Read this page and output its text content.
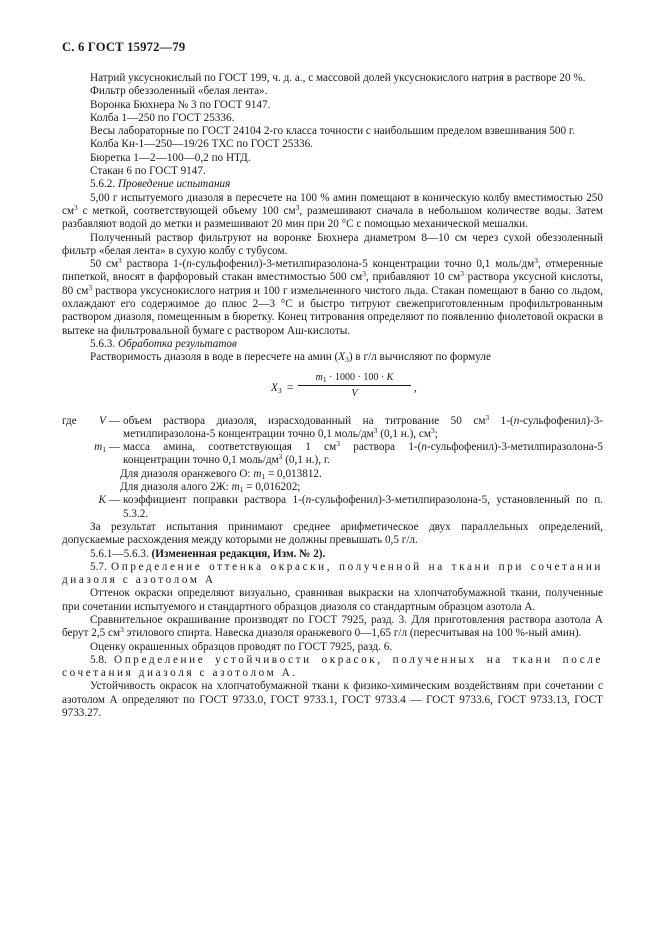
С. 6 ГОСТ 15972—79

Натрий уксуснокислый по ГОСТ 199, ч. д. а., с массовой долей уксуснокислого натрия в растворе 20 %.

Фильтр обеззоленный «белая лента».

Воронка Бюхнера № 3 по ГОСТ 9147.

Колба 1—250 по ГОСТ 25336.

Весы лабораторные по ГОСТ 24104 2-го класса точности с наибольшим пределом взвешивания 500 г.

Колба Кн-1—250—19/26 ТХС по ГОСТ 25336.

Бюретка 1—2—100—0,2 по НТД.

Стакан 6 по ГОСТ 9147.

5.6.2. Проведение испытания

5,00 г испытуемого диазоля в пересчете на 100 % амин помещают в коническую колбу вместимостью 250 $см^3$ с меткой, соответствующей объему 100 $см^3$, размешивают сначала в небольшом количестве воды. Затем разбавляют водой до метки и размешивают 20 мин при 20 °С с помощью механической мешалки.

Полученный раствор фильтруют на воронке Бюхнера диаметром 8—10 см через сухой обеззоленный фильтр «белая лента» в сухую колбу с тубусом.

50 $см^3$ раствора 1-(п-сульфофенил)-3-метилпиразолона-5 концентрации точно 0,1 моль/$дм^3$, отмеренные пипеткой, вносят в фарфоровый стакан вместимостью 500 $см^3$, прибавляют 10 $см^3$ раствора уксусной кислоты, 80 $см^3$ раствора уксуснокислого натрия и 100 г измельченного чистого льда. Стакан помещают в баню со льдом, охлаждают его содержимое до плюс 2—3 °С и быстро титруют свежеприготовленным профильтрованным раствором диазоля, помещенным в бюретку. Конец титрования определяют по появлению фиолетовой окраски в вытеке на фильтровальной бумаге с раствором Аш-кислоты.

5.6.3. Обработка результатов

Растворимость диазоля в воде в пересчете на амин $(X_3)$ в г/л вычисляют по формуле

$X_3 = \frac{m_1 \cdot 1000 \cdot 100 \cdot K}{V}$ ,
где	V — объем раствора диазоля, израсходованный на титрование 50 $см^3$ 1-(п-сульфофенил)-3-метилпиразолона-5 концентрации точно 0,1 моль/$дм^3$ (0,1 н.), $см^3$;
$m_1$ — масса амина, соответствующая 1 $см^3$ раствора 1-(п-сульфофенил)-3-метилпиразолона-5 концентрации точно 0,1 моль/$дм^3$ (0,1 н.), г.
Для диазоля оранжевого О: $m_1 = 0,013812$.
Для диазоля алого 2Ж: $m_1 = 0,016202$;
K — коэффициент поправки раствора 1-(п-сульфофенил)-3-метилпиразолона-5, установленный по п. 5.3.2.

За результат испытания принимают среднее арифметическое двух параллельных определений, допускаемые расхождения между которыми не должны превышать 0,5 г/л.

5.6.1—5.6.3. (Измененная редакция, Изм. № 2).

5.7. Определение оттенка окраски, полученной на ткани при сочетании диазоля с азотолом А

Оттенок окраски определяют визуально, сравнивая выкраски на хлопчатобумажной ткани, полученные при сочетании испытуемого и стандартного образцов диазоля со стандартным образцом азотола А.

Сравнительное окрашивание производят по ГОСТ 7925, разд. 3. Для приготовления раствора азотола А берут 2,5 $см^3$ этилового спирта. Навеска диазоля оранжевого 0—1,65 г/л (пересчитывая на 100 %-ный амин).

Оценку окрашенных образцов проводят по ГОСТ 7925, разд. 6.

5.8. Определение устойчивости окрасок, полученных на ткани после сочетания диазоля с азотолом А.

Устойчивость окрасок на хлопчатобумажной ткани к физико-химическим воздействиям при сочетании с азотолом А определяют по ГОСТ 9733.0, ГОСТ 9733.1, ГОСТ 9733.4 — ГОСТ 9733.6, ГОСТ 9733.13, ГОСТ 9733.27.
